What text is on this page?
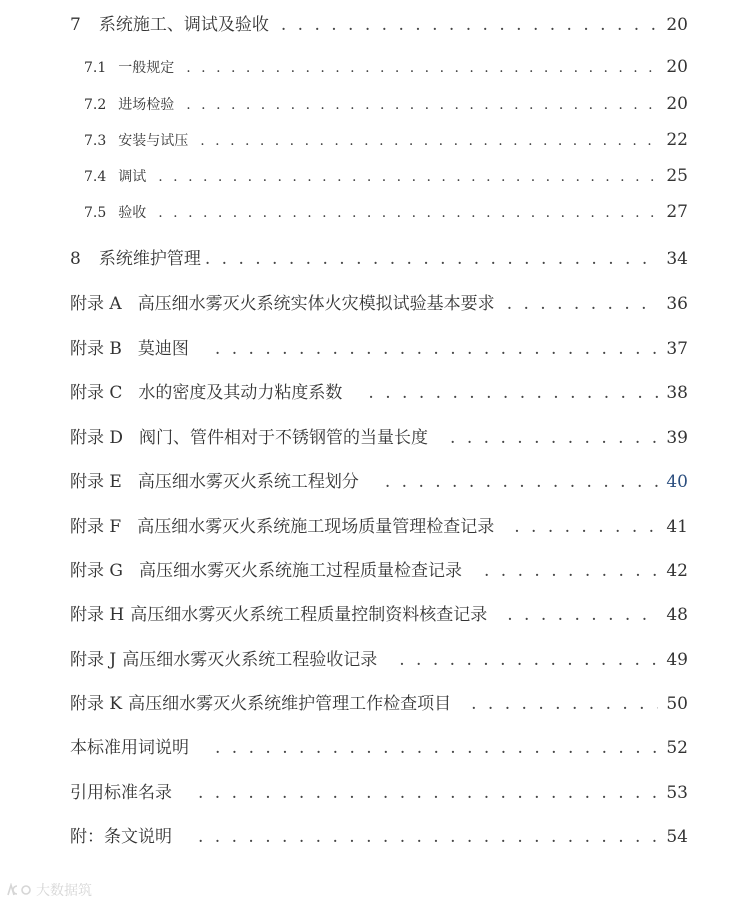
7 系统施工、调试及验收 . . .	20
7.1 一般规定 . . .	20
7.2 进场检验 . . .	20
7.3 安装与试压 . . .	22
7.4 调试 . . .	25
7.5 验收 . . .	27
8 系统维护管理 . . .	34
附录 A 高压细水雾灭火系统实体火灾模拟试验基本要求 . . .	36
附录 B 莫迪图 . . .	37
附录 C 水的密度及其动力粘度系数 . . .	38
附录 D 阀门、管件相对于不锈钢管的当量长度 . . .	39
附录 E 高压细水雾灭火系统工程划分 . . .	40
附录 F 高压细水雾灭火系统施工现场质量管理检查记录 . . .	41
附录 G 高压细水雾灭火系统施工过程质量检查记录 . . .	42
附录 H 高压细水雾灭火系统工程质量控制资料核查记录 . . .	48
附录 J 高压细水雾灭火系统工程验收记录 . . .	49
附录 K 高压细水雾灭火系统维护管理工作检查项目 . . .	50
本标准用词说明 . . .	52
引用标准名录 . . .	53
附：条文说明 . . .	54
大数据筑
